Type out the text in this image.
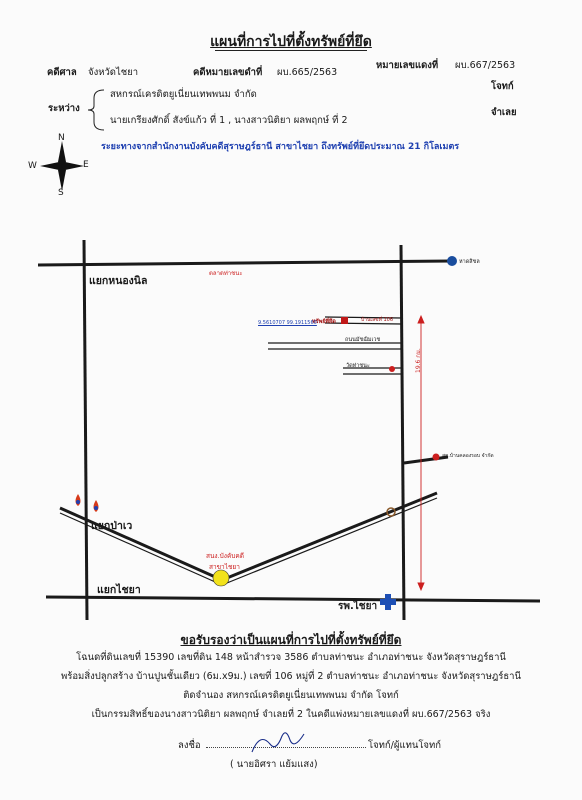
แผนที่การไปที่ตั้งทรัพย์ที่ยึด
คดีศาล จังหวัดไชยา	คดีหมายเลขดำที่ ผบ.665/2563
หมายเลขแดงที่ ผบ.667/2563
ระหว่าง
สหกรณ์เครดิตยูเนี่ยนเทพพนม จำกัด
โจทก์
นายเกรียงศักดิ์ สังข์แก้ว ที่ 1 , นางสาวนิติยา ผลพฤกษ์ ที่ 2
จำเลย
ระยะทางจากสำนักงานบังคับคดีสุราษฎร์ธานี สาขาไชยา ถึงทรัพย์ที่ยึดประมาณ 21 กิโลเมตร
N
S
E
W
แยกหนองนิล
แยกป่าเว
แยกไชยา
ตลาดท่าชนะ
ทรัพย์ที่ยึด	บ้านเลขที่ 106
9.5610707 99.1911560
ถนนมัชฌิมเวช
วัดท่าชนะ
สต.บ้านคลองรอบ จำกัด
หาดสิชล
19.6 กม.
สนง.บังคับคดี
สาขาไชยา
รพ.ไชยา
ขอรับรองว่าเป็นแผนที่การไปที่ตั้งทรัพย์ที่ยึด
โฉนดที่ดินเลขที่ 15390 เลขที่ดิน 148 หน้าสำรวจ 3586 ตำบลท่าชนะ อำเภอท่าชนะ จังหวัดสุราษฎร์ธานี
พร้อมสิ่งปลูกสร้าง บ้านปูนชั้นเดียว (6ม.x9ม.) เลขที่ 106 หมู่ที่ 2 ตำบลท่าชนะ อำเภอท่าชนะ จังหวัดสุราษฎร์ธานี
ติดจำนอง สหกรณ์เครดิตยูเนี่ยนเทพพนม จำกัด โจทก์
เป็นกรรมสิทธิ์ของนางสาวนิติยา ผลพฤกษ์ จำเลยที่ 2 ในคดีแพ่งหมายเลขแดงที่ ผบ.667/2563 จริง
ลงชื่อ	โจทก์/ผู้แทนโจทก์
( นายอิศรา แย้มแสง)
